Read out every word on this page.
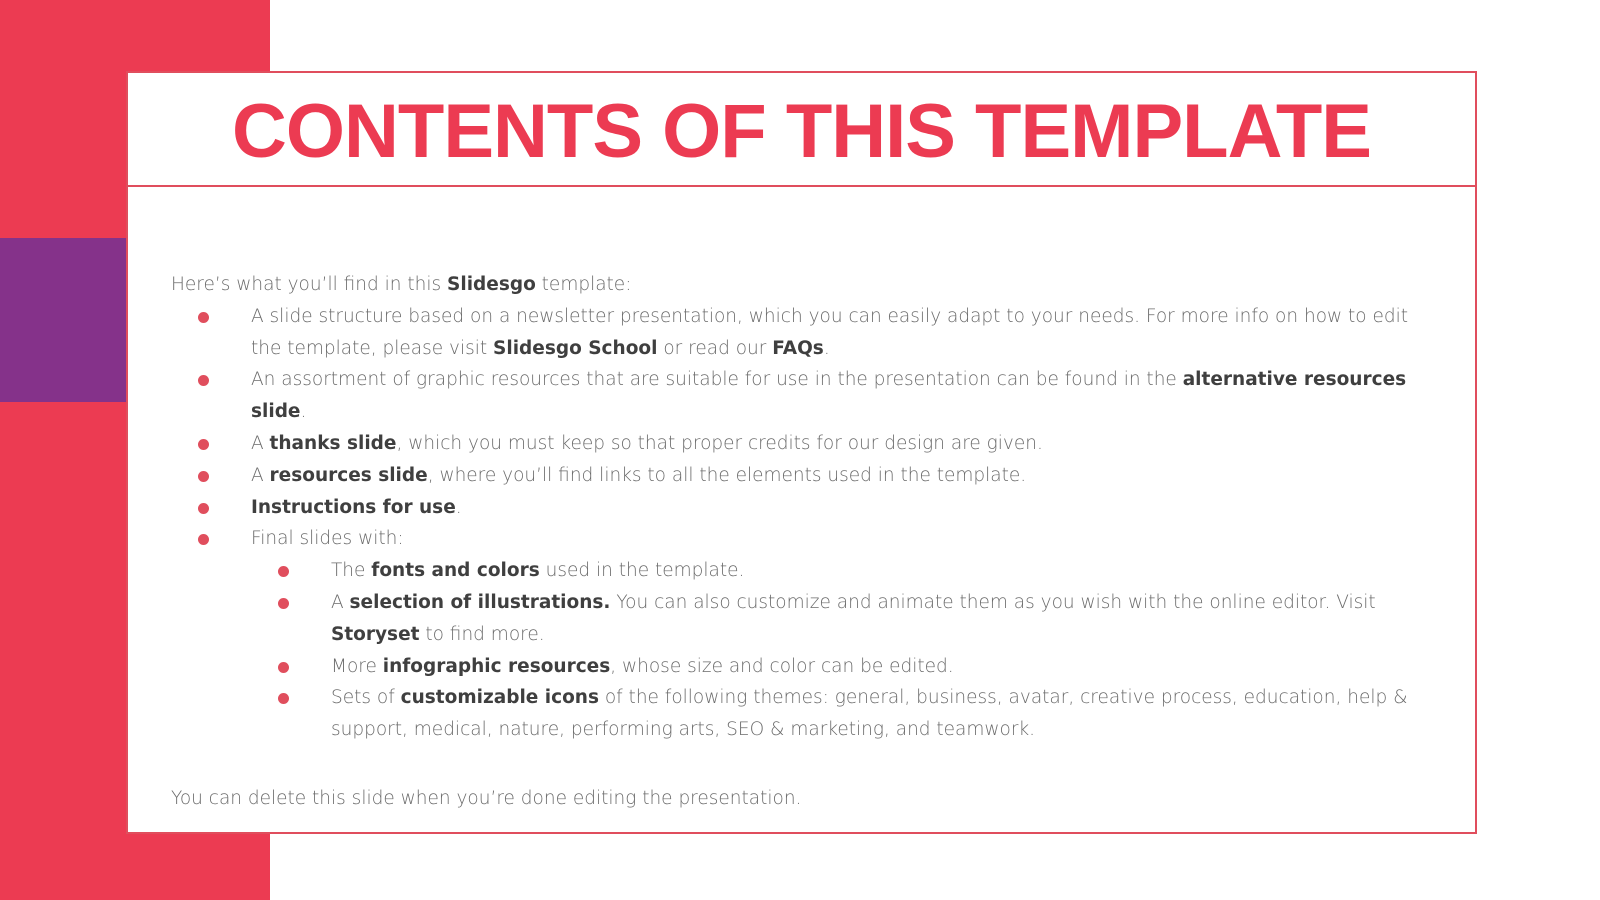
CONTENTS OF THIS TEMPLATE

Here’s what you’ll find in this Slidesgo template:

A slide structure based on a newsletter presentation, which you can easily adapt to your needs. For more info on how to edit the template, please visit Slidesgo School or read our FAQs.
An assortment of graphic resources that are suitable for use in the presentation can be found in the alternative resources slide.
A thanks slide, which you must keep so that proper credits for our design are given.
A resources slide, where you’ll find links to all the elements used in the template.
Instructions for use.
Final slides with:
The fonts and colors used in the template.
A selection of illustrations. You can also customize and animate them as you wish with the online editor. Visit Storyset to find more.
More infographic resources, whose size and color can be edited.
Sets of customizable icons of the following themes: general, business, avatar, creative process, education, help & support, medical, nature, performing arts, SEO & marketing, and teamwork.

You can delete this slide when you’re done editing the presentation.
